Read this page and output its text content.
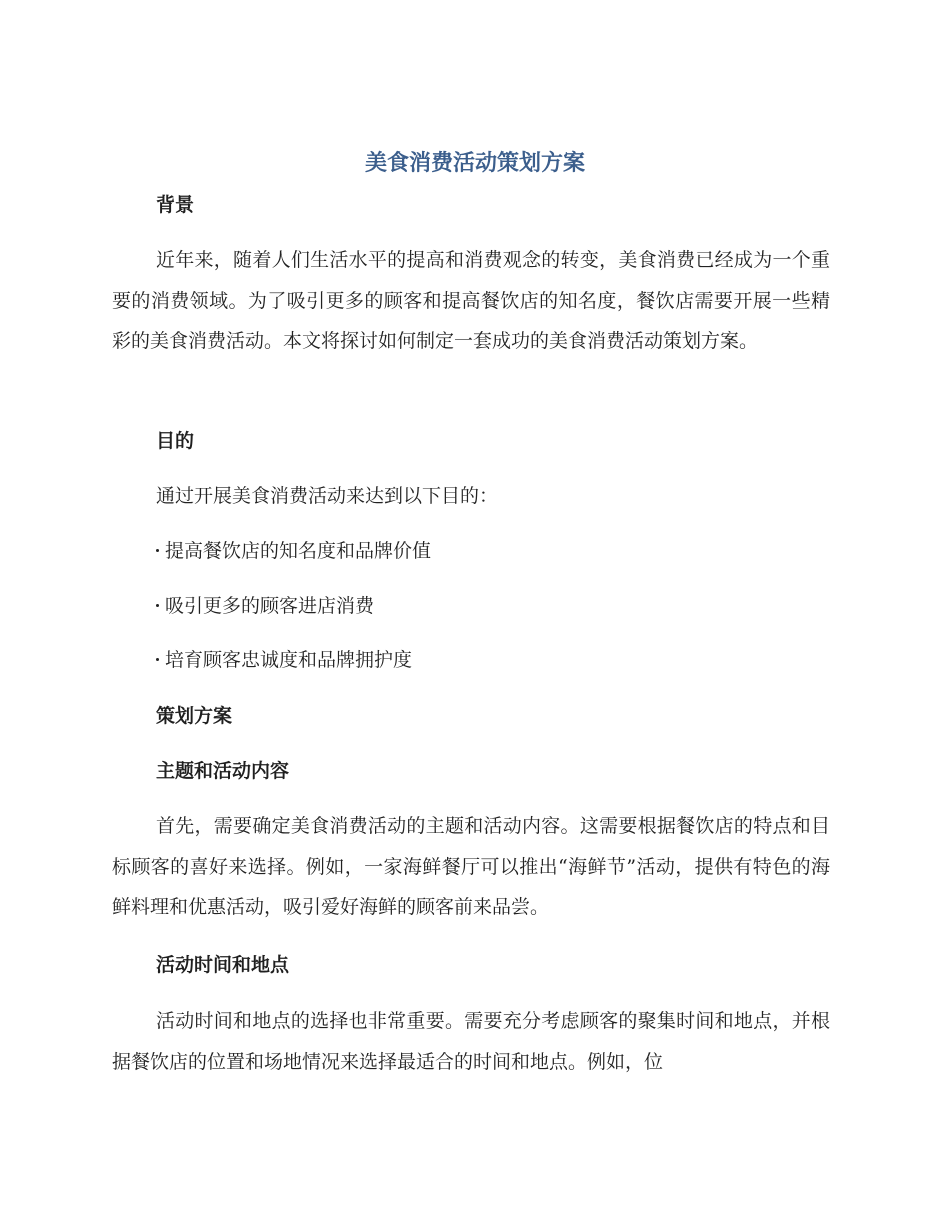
美食消费活动策划方案
背景
近年来，随着人们生活水平的提高和消费观念的转变，美食消费已经成为一个重要的消费领域。为了吸引更多的顾客和提高餐饮店的知名度，餐饮店需要开展一些精彩的美食消费活动。本文将探讨如何制定一套成功的美食消费活动策划方案。
目的
通过开展美食消费活动来达到以下目的：
提高餐饮店的知名度和品牌价值
吸引更多的顾客进店消费
培育顾客忠诚度和品牌拥护度
策划方案
主题和活动内容
首先，需要确定美食消费活动的主题和活动内容。这需要根据餐饮店的特点和目标顾客的喜好来选择。例如，一家海鲜餐厅可以推出“海鲜节”活动，提供有特色的海鲜料理和优惠活动，吸引爱好海鲜的顾客前来品尝。
活动时间和地点
活动时间和地点的选择也非常重要。需要充分考虑顾客的聚集时间和地点，并根据餐饮店的位置和场地情况来选择最适合的时间和地点。例如，位
